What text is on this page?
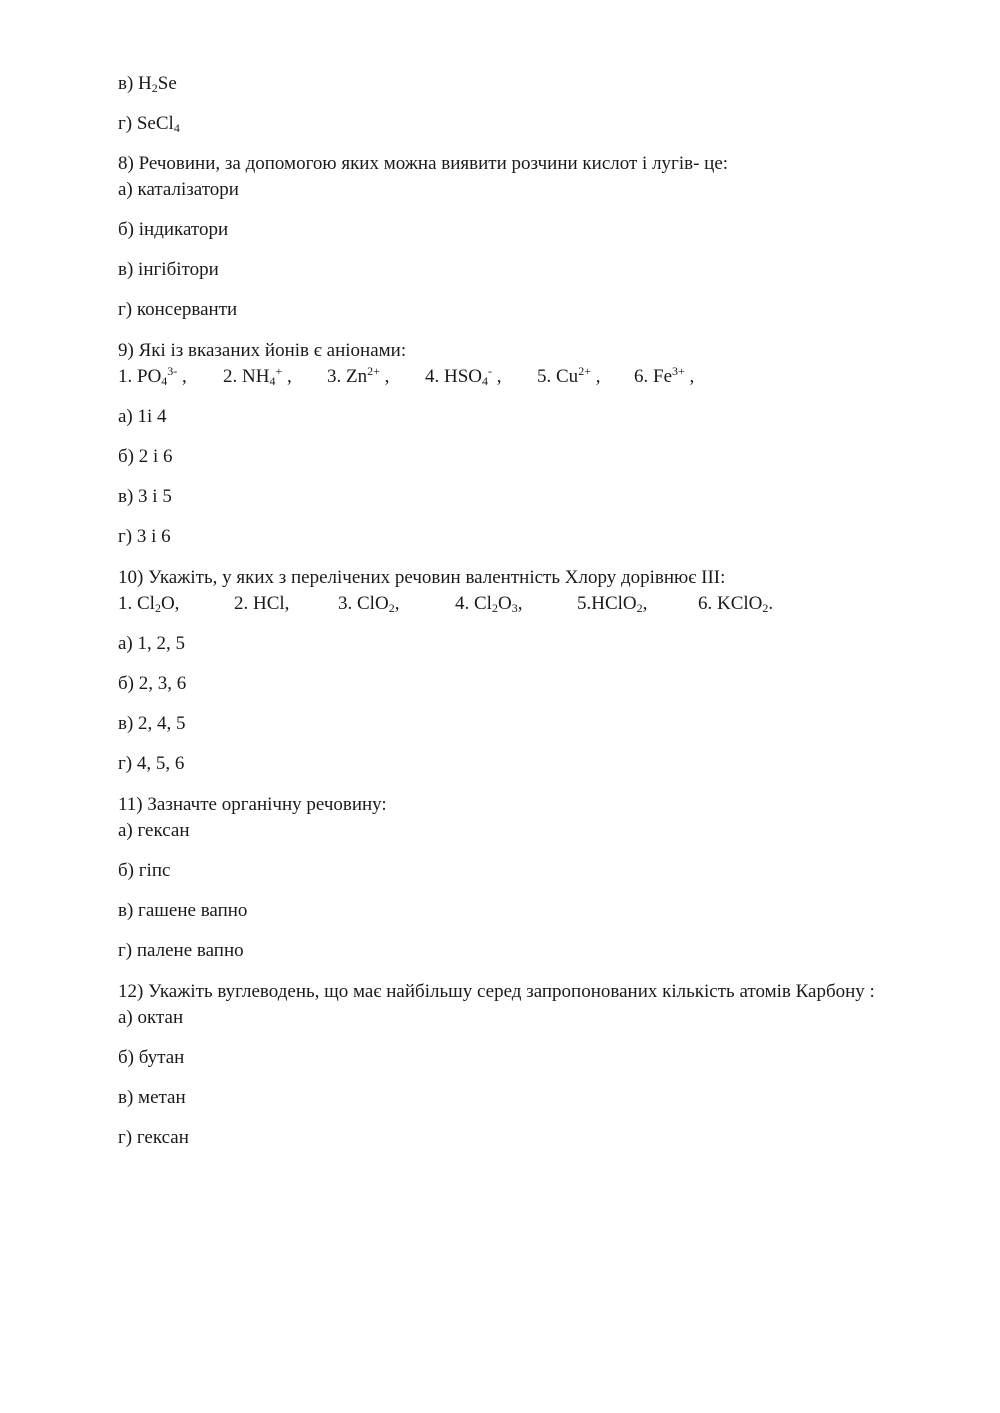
в) $H_2Se$
г) SeCl$_4$
8) Речовини, за допомогою яких можна виявити розчини кислот і лугів- це:
а) каталізатори
б) індикатори
в) інгібітори
г) консерванти
9) Які із вказаних йонів є аніонами:
1. $PO_4^{3-}$ , 2. $NH_4^+$ , 3. $Zn^{2+}$ , 4. $HSO_4^-$ , 5. $Cu^{2+}$ , 6. $Fe^{3+}$ ,
а) 1і 4
б) 2 і 6
в) 3 і 5
г) 3 і 6
10) Укажіть, у яких з перелічених речовин валентність Хлору дорівнює ІІІ:
1. $Cl_2O$,	2. HCl,	3. ClO$_2$,	4. $Cl_2O_3$,	5.HClO$_2$,	6. KClO$_2$.
а) 1, 2, 5
б) 2, 3, 6
в) 2, 4, 5
г) 4, 5, 6
11) Зазначте органічну речовину:
а) гексан
б) гіпс
в) гашене вапно
г) палене вапно
12) Укажіть вуглеводень, що має найбільшу серед запропонованих кількість атомів Карбону :
а) октан
б) бутан
в) метан
г) гексан
